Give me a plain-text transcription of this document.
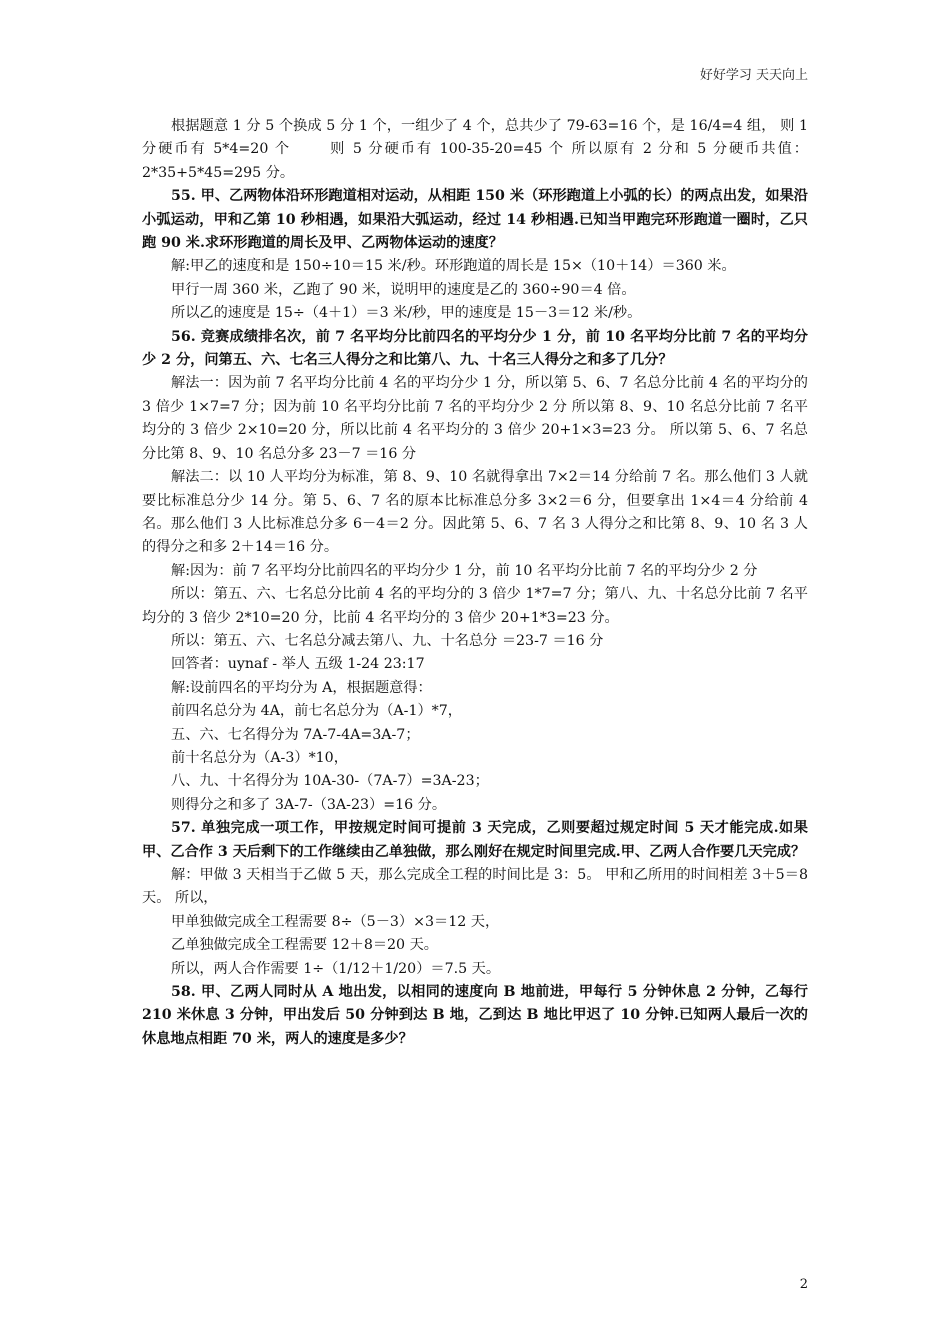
好好学习 天天向上

根据题意 1 分 5 个换成 5 分 1 个，一组少了 4 个，总共少了 79-63=16 个，是 16/4=4 组， 则 1 分硬币有 5*4=20 个      则 5 分硬币有 100-35-20=45 个 所以原有 2 分和 5 分硬币共值：2*35+5*45=295 分。

55. 甲、乙两物体沿环形跑道相对运动，从相距 150 米（环形跑道上小弧的长）的两点出发，如果沿小弧运动，甲和乙第 10 秒相遇，如果沿大弧运动，经过 14 秒相遇.已知当甲跑完环形跑道一圈时，乙只跑 90 米.求环形跑道的周长及甲、乙两物体运动的速度？

解:甲乙的速度和是 150÷10＝15 米/秒。环形跑道的周长是 15×（10＋14）＝360 米。

甲行一周 360 米，乙跑了 90 米，说明甲的速度是乙的 360÷90＝4 倍。

所以乙的速度是 15÷（4＋1）＝3 米/秒，甲的速度是 15－3＝12 米/秒。

56. 竞赛成绩排名次，前 7 名平均分比前四名的平均分少 1 分，前 10 名平均分比前 7 名的平均分少 2 分，问第五、六、七名三人得分之和比第八、九、十名三人得分之和多了几分？

解法一：因为前 7 名平均分比前 4 名的平均分少 1 分，所以第 5、6、7 名总分比前 4 名的平均分的 3 倍少 1×7=7 分；因为前 10 名平均分比前 7 名的平均分少 2 分 所以第 8、9、10 名总分比前 7 名平均分的 3 倍少 2×10=20 分，所以比前 4 名平均分的 3 倍少 20+1×3=23 分。 所以第 5、6、7 名总分比第 8、9、10 名总分多 23－7 ＝16 分

解法二：以 10 人平均分为标准，第 8、9、10 名就得拿出 7×2＝14 分给前 7 名。那么他们 3 人就要比标准总分少 14 分。第 5、6、7 名的原本比标准总分多 3×2＝6 分，但要拿出 1×4＝4 分给前 4 名。那么他们 3 人比标准总分多 6－4＝2 分。因此第 5、6、7 名 3 人得分之和比第 8、9、10 名 3 人的得分之和多 2＋14＝16 分。

解:因为：前 7 名平均分比前四名的平均分少 1 分，前 10 名平均分比前 7 名的平均分少 2 分

所以：第五、六、七名总分比前 4 名的平均分的 3 倍少 1*7=7 分；第八、九、十名总分比前 7 名平均分的 3 倍少 2*10=20 分，比前 4 名平均分的 3 倍少 20+1*3=23 分。

所以：第五、六、七名总分减去第八、九、十名总分 ＝23-7 ＝16 分

回答者：uynaf - 举人 五级 1-24 23:17

解:设前四名的平均分为 A，根据题意得：

前四名总分为 4A，前七名总分为（A-1）*7，

五、六、七名得分为 7A-7-4A=3A-7；

前十名总分为（A-3）*10，

八、九、十名得分为 10A-30-（7A-7）=3A-23；

则得分之和多了 3A-7-（3A-23）=16 分。

57. 单独完成一项工作，甲按规定时间可提前 3 天完成，乙则要超过规定时间 5 天才能完成.如果甲、乙合作 3 天后剩下的工作继续由乙单独做，那么刚好在规定时间里完成.甲、乙两人合作要几天完成？

解：甲做 3 天相当于乙做 5 天，那么完成全工程的时间比是 3：5。 甲和乙所用的时间相差 3＋5＝8 天。 所以，

甲单独做完成全工程需要 8÷（5－3）×3＝12 天，

乙单独做完成全工程需要 12＋8＝20 天。

所以，两人合作需要 1÷（1/12＋1/20）＝7.5 天。

58. 甲、乙两人同时从 A 地出发，以相同的速度向 B 地前进，甲每行 5 分钟休息 2 分钟，乙每行 210 米休息 3 分钟，甲出发后 50 分钟到达 B 地，乙到达 B 地比甲迟了 10 分钟.已知两人最后一次的休息地点相距 70 米，两人的速度是多少？

2
